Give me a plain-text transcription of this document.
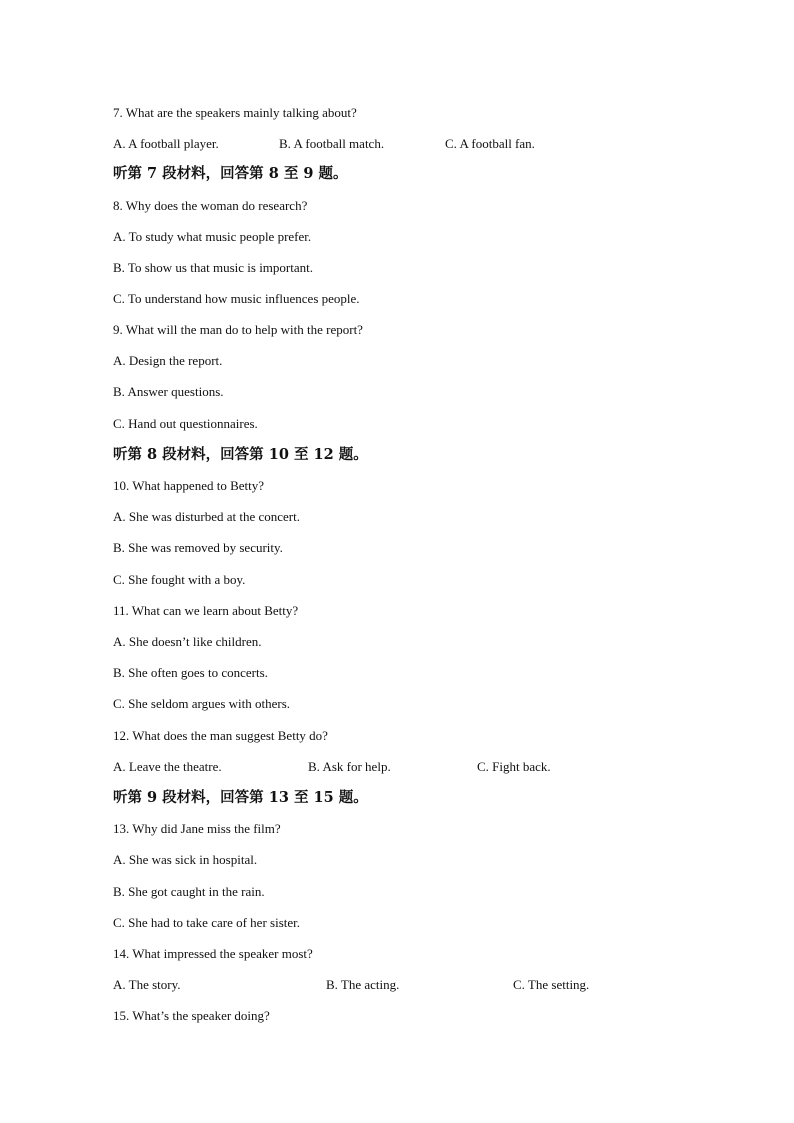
7. What are the speakers mainly talking about?
A. A football player.	B. A football match.	C. A football fan.
听第 7 段材料，回答第 8 至 9 题。
8. Why does the woman do research?
A. To study what music people prefer.
B. To show us that music is important.
C. To understand how music influences people.
9. What will the man do to help with the report?
A. Design the report.
B. Answer questions.
C. Hand out questionnaires.
听第 8 段材料，回答第 10 至 12 题。
10. What happened to Betty?
A. She was disturbed at the concert.
B. She was removed by security.
C. She fought with a boy.
11. What can we learn about Betty?
A. She doesn’t like children.
B. She often goes to concerts.
C. She seldom argues with others.
12. What does the man suggest Betty do?
A. Leave the theatre.	B. Ask for help.	C. Fight back.
听第 9 段材料，回答第 13 至 15 题。
13. Why did Jane miss the film?
A. She was sick in hospital.
B. She got caught in the rain.
C. She had to take care of her sister.
14. What impressed the speaker most?
A. The story.	B. The acting.	C. The setting.
15. What’s the speaker doing?
